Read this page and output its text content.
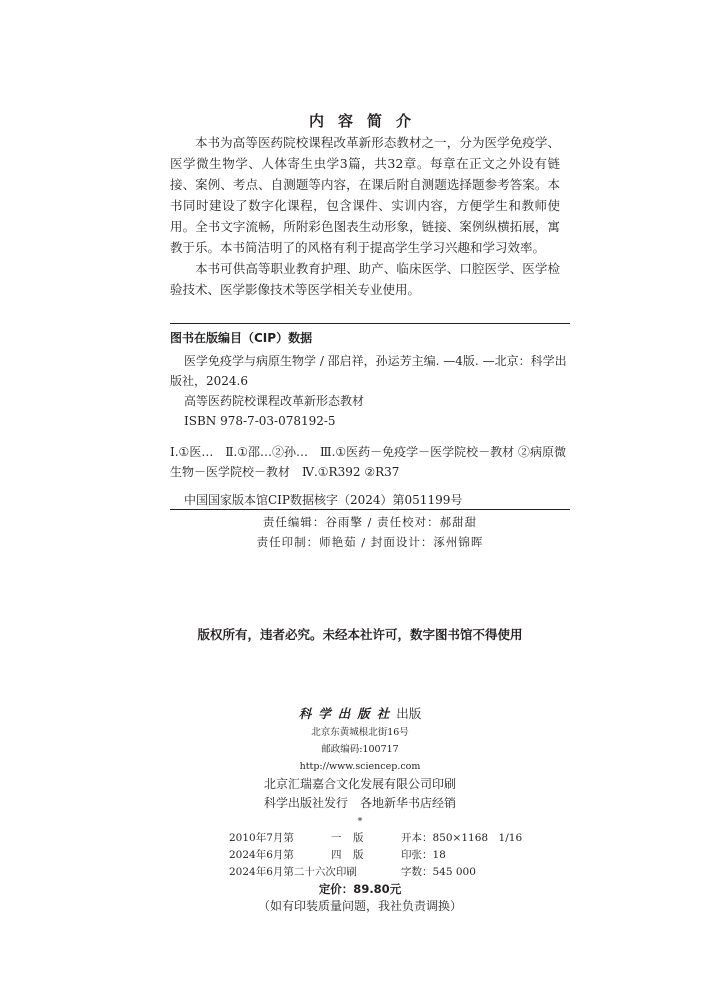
内容简介

本书为高等医药院校课程改革新形态教材之一，分为医学免疫学、医学微生物学、人体寄生虫学3篇，共32章。每章在正文之外设有链接、案例、考点、自测题等内容，在课后附自测题选择题参考答案。本书同时建设了数字化课程，包含课件、实训内容，方便学生和教师使用。全书文字流畅，所附彩色图表生动形象，链接、案例纵横拓展，寓教于乐。本书简洁明了的风格有利于提高学生学习兴趣和学习效率。

本书可供高等职业教育护理、助产、临床医学、口腔医学、医学检验技术、医学影像技术等医学相关专业使用。

图书在版编目（CIP）数据

医学免疫学与病原生物学 / 邵启祥，孙运芳主编. —4版. —北京：科学出版社，2024.6

高等医药院校课程改革新形态教材

ISBN 978-7-03-078192-5

Ⅰ.①医…　Ⅱ.①邵…②孙…　Ⅲ.①医药－免疫学－医学院校－教材 ②病原微生物－医学院校－教材　Ⅳ.①R392 ②R37

中国国家版本馆CIP数据核字（2024）第051199号

责任编辑：谷雨擎 / 责任校对：郝甜甜

责任印制：师艳茹 / 封面设计：涿州锦晖

版权所有，违者必究。未经本社许可，数字图书馆不得使用
科学出版社出版

北京东黄城根北街16号

邮政编码:100717

http://www.sciencep.com

北京汇瑞嘉合文化发展有限公司印刷

科学出版社发行　各地新华书店经销

*

2010年7月第	一	版	开本：850×1168　1/16
2024年6月第	四	版	印张：18
2024年6月第二十六次印刷	字数：545 000
定价：89.80元
（如有印装质量问题，我社负责调换）
